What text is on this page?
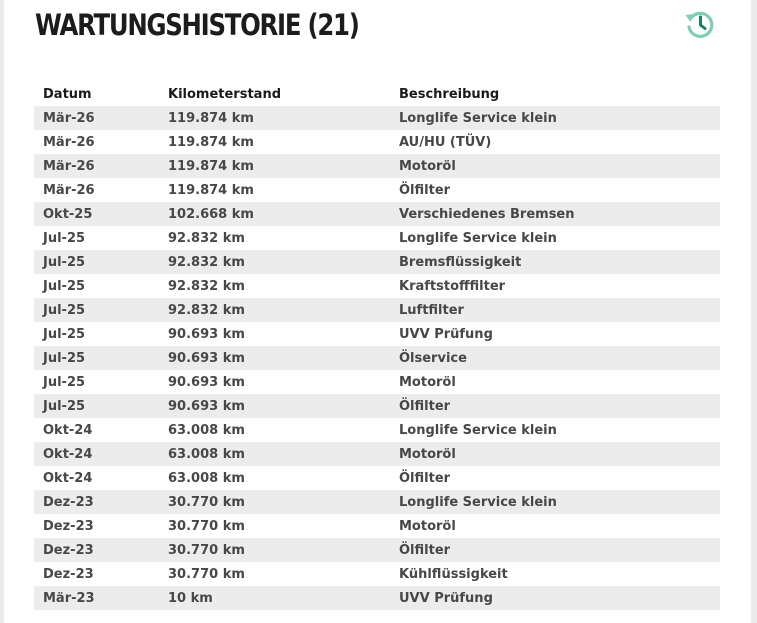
WARTUNGSHISTORIE (21)
Datum	Kilometerstand	Beschreibung
Mär-26	119.874 km	Longlife Service klein
Mär-26	119.874 km	AU/HU (TÜV)
Mär-26	119.874 km	Motoröl
Mär-26	119.874 km	Ölfilter
Okt-25	102.668 km	Verschiedenes Bremsen
Jul-25	92.832 km	Longlife Service klein
Jul-25	92.832 km	Bremsflüssigkeit
Jul-25	92.832 km	Kraftstofffilter
Jul-25	92.832 km	Luftfilter
Jul-25	90.693 km	UVV Prüfung
Jul-25	90.693 km	Ölservice
Jul-25	90.693 km	Motoröl
Jul-25	90.693 km	Ölfilter
Okt-24	63.008 km	Longlife Service klein
Okt-24	63.008 km	Motoröl
Okt-24	63.008 km	Ölfilter
Dez-23	30.770 km	Longlife Service klein
Dez-23	30.770 km	Motoröl
Dez-23	30.770 km	Ölfilter
Dez-23	30.770 km	Kühlflüssigkeit
Mär-23	10 km	UVV Prüfung
